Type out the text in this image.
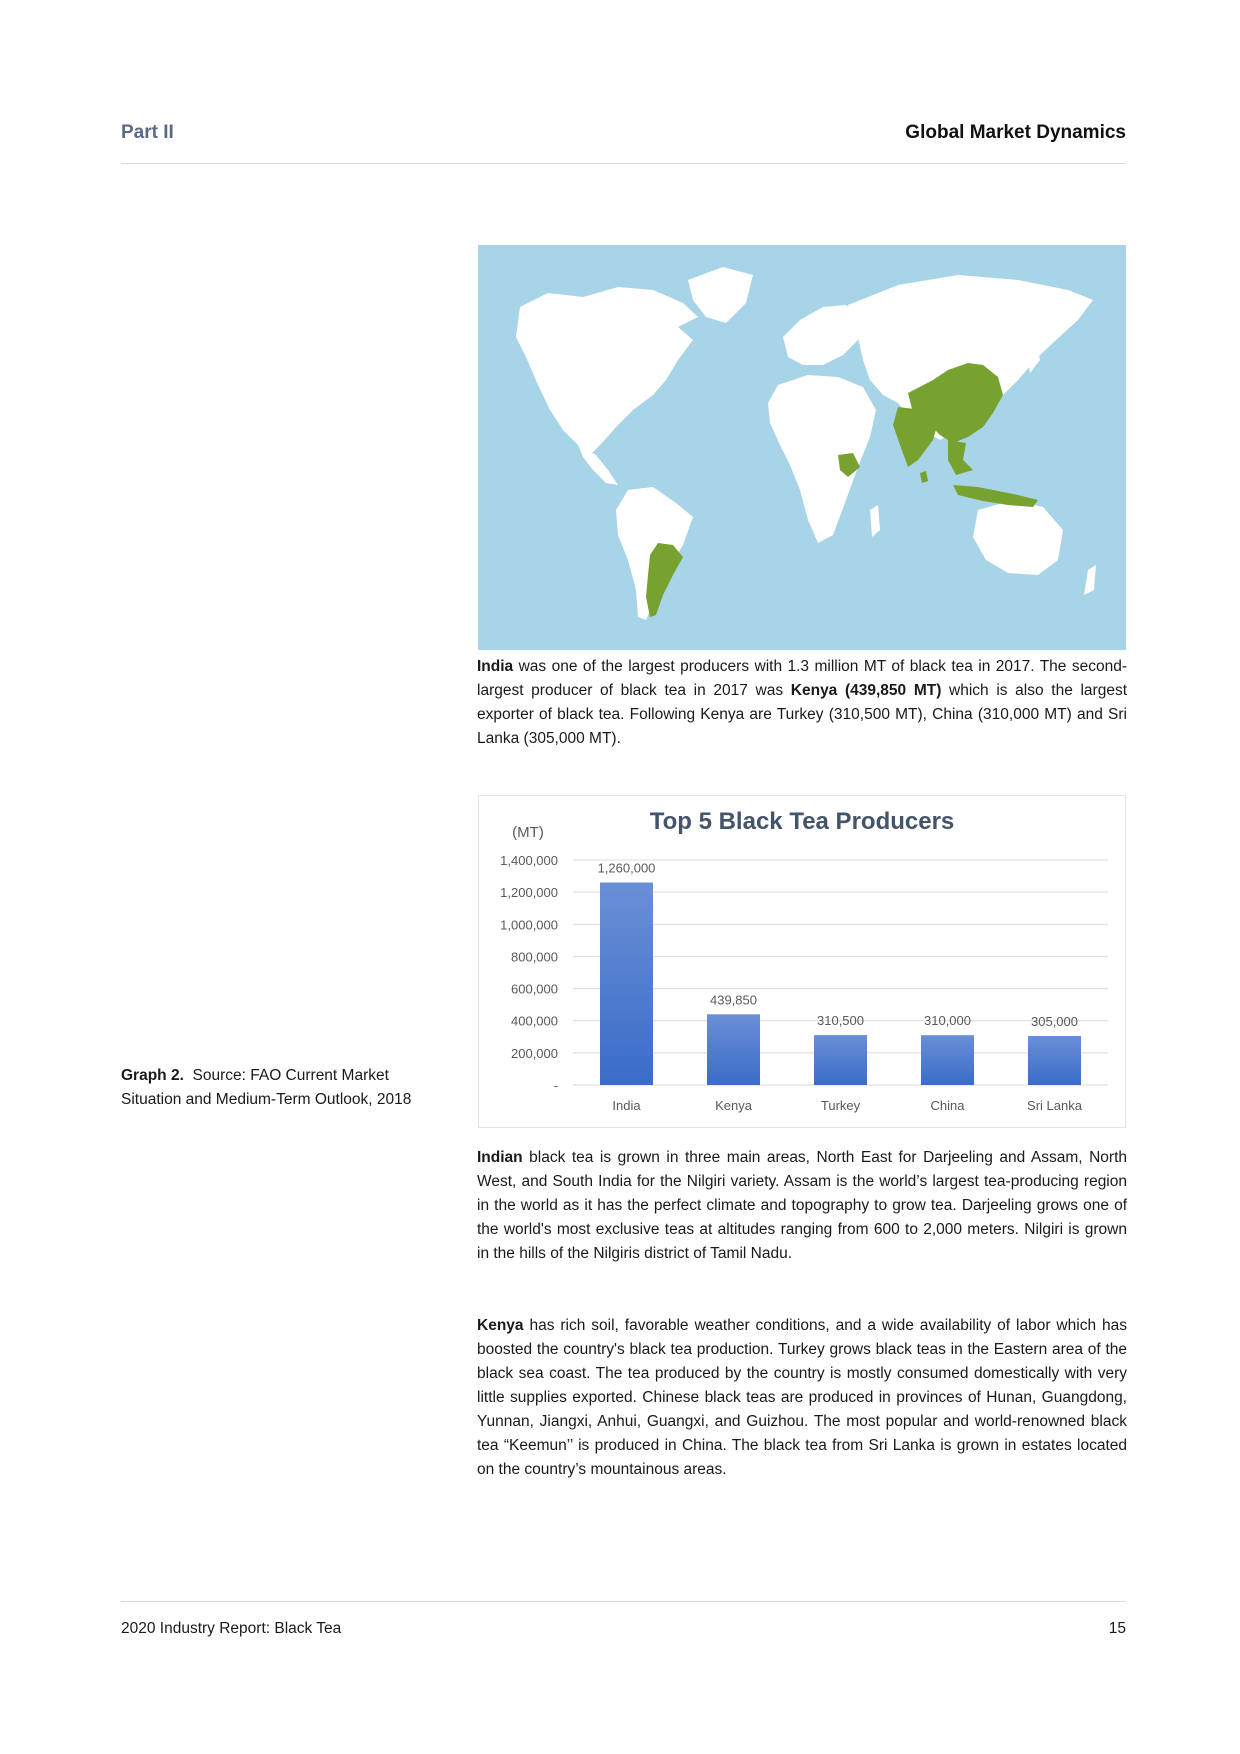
Part II	Global Market Dynamics

India was one of the largest producers with 1.3 million MT of black tea in 2017. The second-largest producer of black tea in 2017 was Kenya (439,850 MT) which is also the largest exporter of black tea. Following Kenya are Turkey (310,500 MT), China (310,000 MT) and Sri Lanka (305,000 MT).

Top 5 Black Tea Producers
(MT)
-
200,000
400,000
600,000
800,000
1,000,000
1,200,000
1,400,000	1,260,000
439,850
310,500	310,000	305,000
India	Kenya	Turkey	China	Sri Lanka
Graph 2. Source: FAO Current Market Situation and Medium-Term Outlook, 2018

Indian black tea is grown in three main areas, North East for Darjeeling and Assam, North West, and South India for the Nilgiri variety. Assam is the world’s largest tea-producing region in the world as it has the perfect climate and topography to grow tea. Darjeeling grows one of the world's most exclusive teas at altitudes ranging from 600 to 2,000 meters. Nilgiri is grown in the hills of the Nilgiris district of Tamil Nadu.

Kenya has rich soil, favorable weather conditions, and a wide availability of labor which has boosted the country's black tea production. Turkey grows black teas in the Eastern area of the black sea coast. The tea produced by the country is mostly consumed domestically with very little supplies exported. Chinese black teas are produced in provinces of Hunan, Guangdong, Yunnan, Jiangxi, Anhui, Guangxi, and Guizhou. The most popular and world-renowned black tea “Keemun’’ is produced in China. The black tea from Sri Lanka is grown in estates located on the country’s mountainous areas.

2020 Industry Report: Black Tea	15
